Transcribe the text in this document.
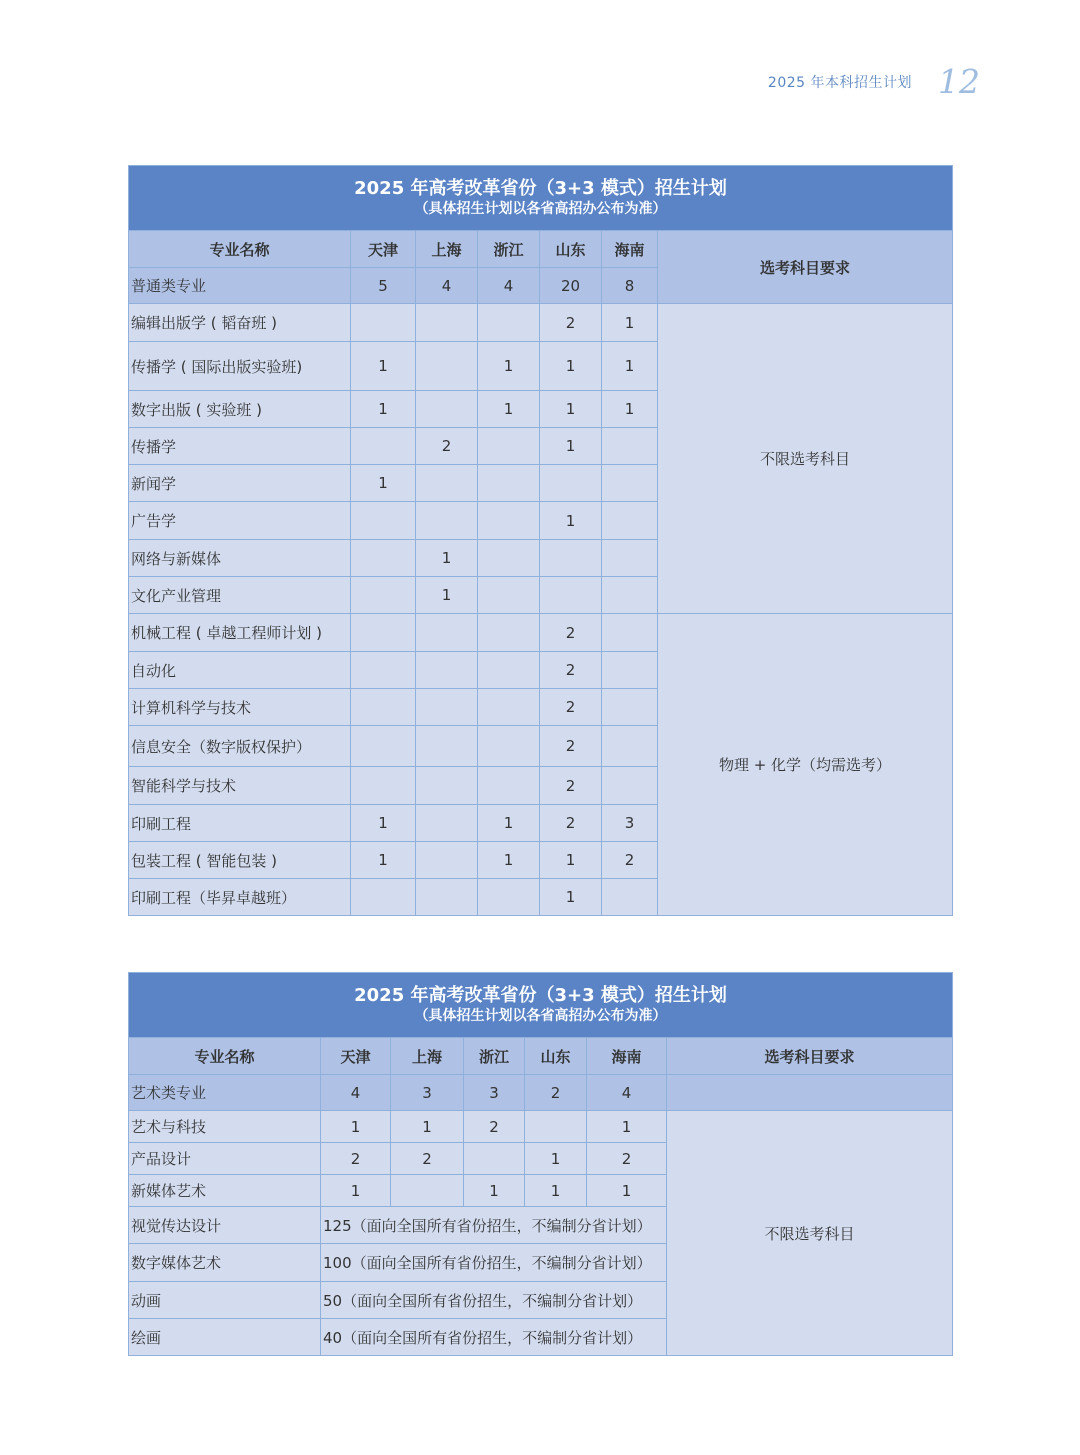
2025 年本科招生计划 12
2025 年高考改革省份（3+3 模式）招生计划
（具体招生计划以各省高招办公布为准）						

专业名称	天津	上海	浙江	山东	海南	选考科目要求
普通类专业	5	4	4	20	8	
编辑出版学 ( 韬奋班 )				2	1	不限选考科目
传播学 ( 国际出版实验班)	1		1	1	1	
数字出版 ( 实验班 )	1		1	1	1	
传播学		2		1		
新闻学	1					
广告学				1		
网络与新媒体		1				
文化产业管理		1				
机械工程 ( 卓越工程师计划 )				2		物理 + 化学（均需选考）
自动化				2		
计算机科学与技术				2		
信息安全（数字版权保护）				2		
智能科学与技术				2		
印刷工程	1		1	2	3	
包装工程 ( 智能包装 )	1		1	1	2	
印刷工程（毕昇卓越班）				1		
2025 年高考改革省份（3+3 模式）招生计划
（具体招生计划以各省高招办公布为准）						

专业名称	天津	上海	浙江	山东	海南	选考科目要求
艺术类专业	4	3	3	2	4	
艺术与科技	1	1	2		1	不限选考科目
产品设计	2	2		1	2	
新媒体艺术	1		1	1	1	
视觉传达设计	125（面向全国所有省份招生，不编制分省计划）					
数字媒体艺术	100（面向全国所有省份招生，不编制分省计划）					
动画	50（面向全国所有省份招生，不编制分省计划）					
绘画	40（面向全国所有省份招生，不编制分省计划）					
